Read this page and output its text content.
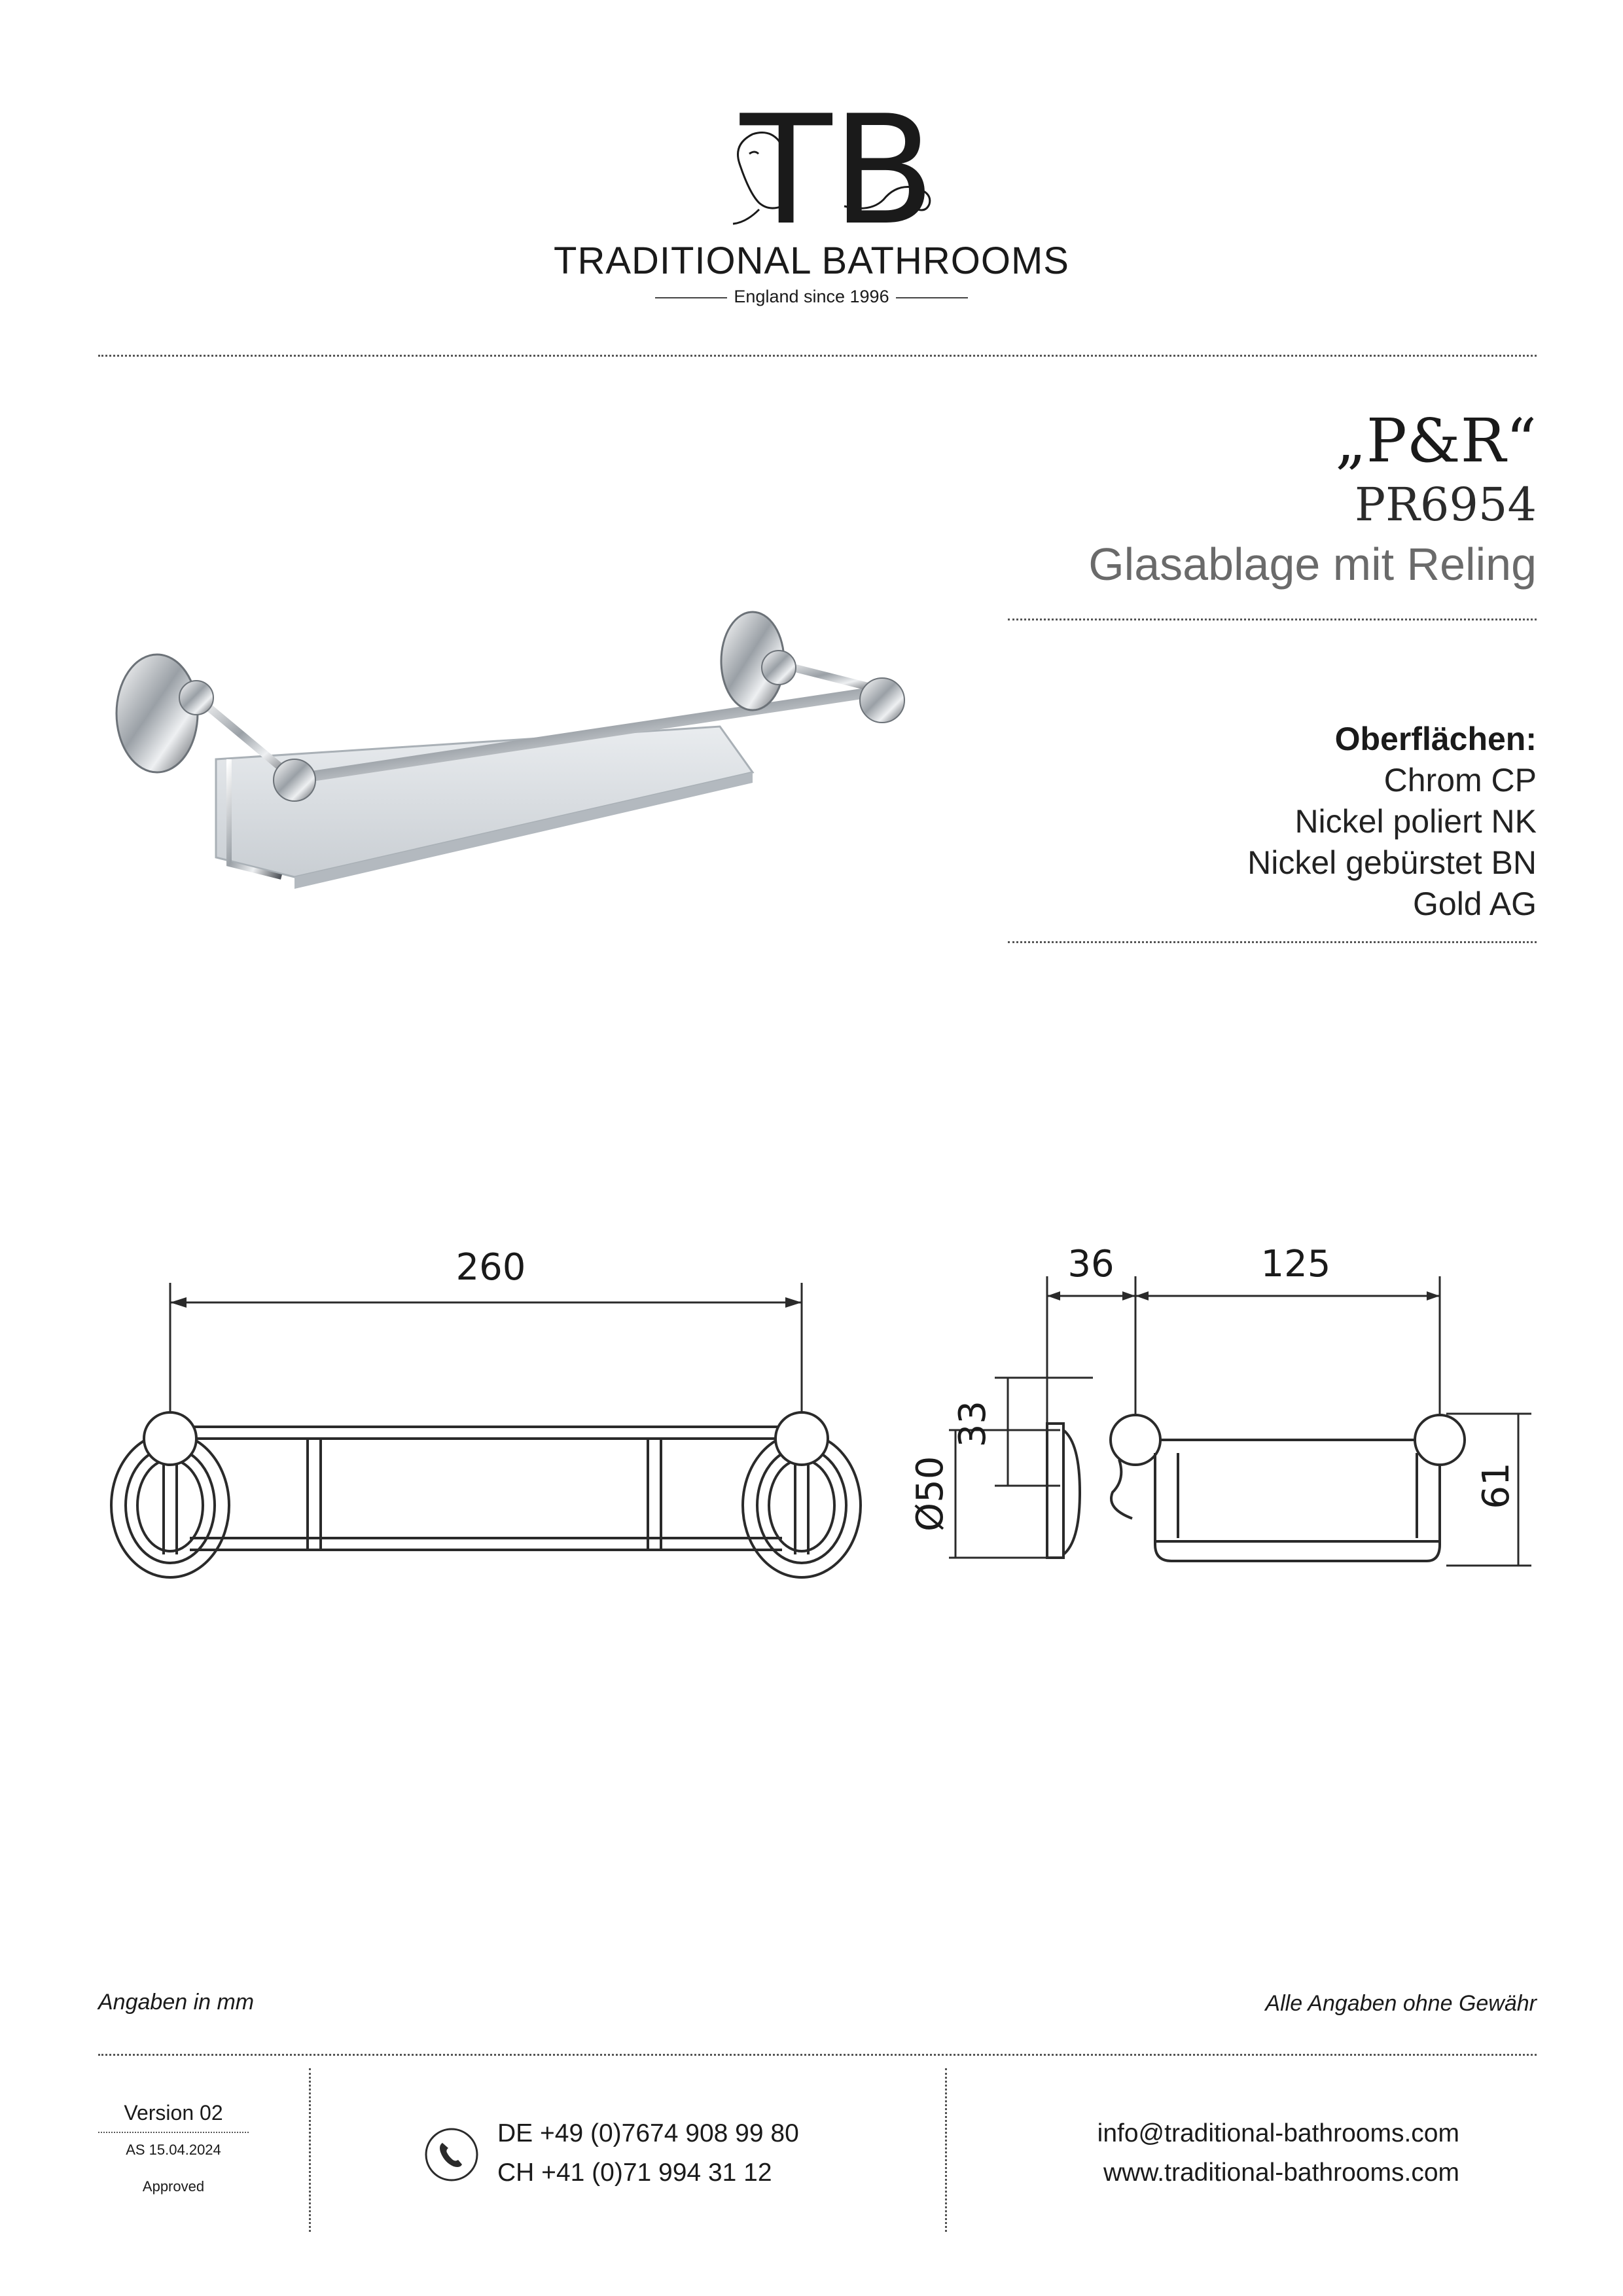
TB
TRADITIONAL BATHROOMS
England since 1996
„P&R“
PR6954
Glasablage mit Reling
Oberflächen:
Chrom CP
Nickel poliert NK
Nickel gebürstet BN
Gold AG
260	36	125
33
Ø50	61
Angaben in mm	Alle Angaben ohne Gewähr
Version 02
AS 15.04.2024
Approved
DE +49 (0)7674 908 99 80
CH +41 (0)71 994 31 12
info@traditional-bathrooms.com
www.traditional-bathrooms.com
